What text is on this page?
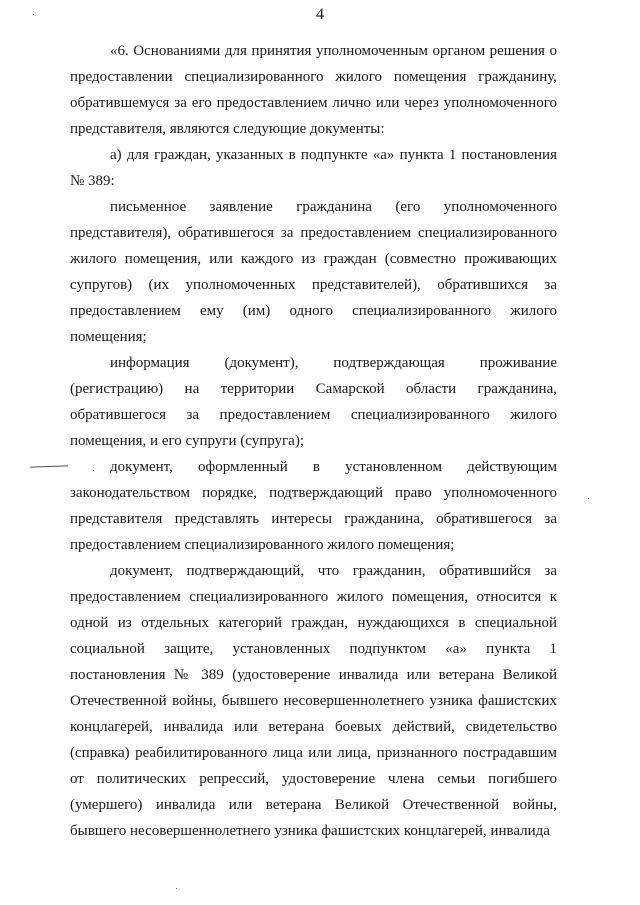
4

«6. Основаниями для принятия уполномоченным органом решения о предоставлении специализированного жилого помещения гражданину, обратившемуся за его предоставлением лично или через уполномоченного представителя, являются следующие документы:

а) для граждан, указанных в подпункте «а» пункта 1 постановления № 389:

письменное заявление гражданина (его уполномоченного представителя), обратившегося за предоставлением специализированного жилого помещения, или каждого из граждан (совместно проживающих супругов) (их уполномоченных представителей), обратившихся за предоставлением ему (им) одного специализированного жилого помещения;

информация (документ), подтверждающая проживание (регистрацию) на территории Самарской области гражданина, обратившегося за предоставлением специализированного жилого помещения, и его супруги (супруга);

документ, оформленный в установленном действующим законодательством порядке, подтверждающий право уполномоченного представителя представлять интересы гражданина, обратившегося за предоставлением специализированного жилого помещения;

документ, подтверждающий, что гражданин, обратившийся за предоставлением специализированного жилого помещения, относится к одной из отдельных категорий граждан, нуждающихся в специальной социальной защите, установленных подпунктом «а» пункта 1 постановления № 389 (удостоверение инвалида или ветерана Великой Отечественной войны, бывшего несовершеннолетнего узника фашистских концлагерей, инвалида или ветерана боевых действий, свидетельство (справка) реабилитированного лица или лица, признанного пострадавшим от политических репрессий, удостоверение члена семьи погибшего (умершего) инвалида или ветерана Великой Отечественной войны, бывшего несовершеннолетнего узника фашистских концлагерей, инвалида
